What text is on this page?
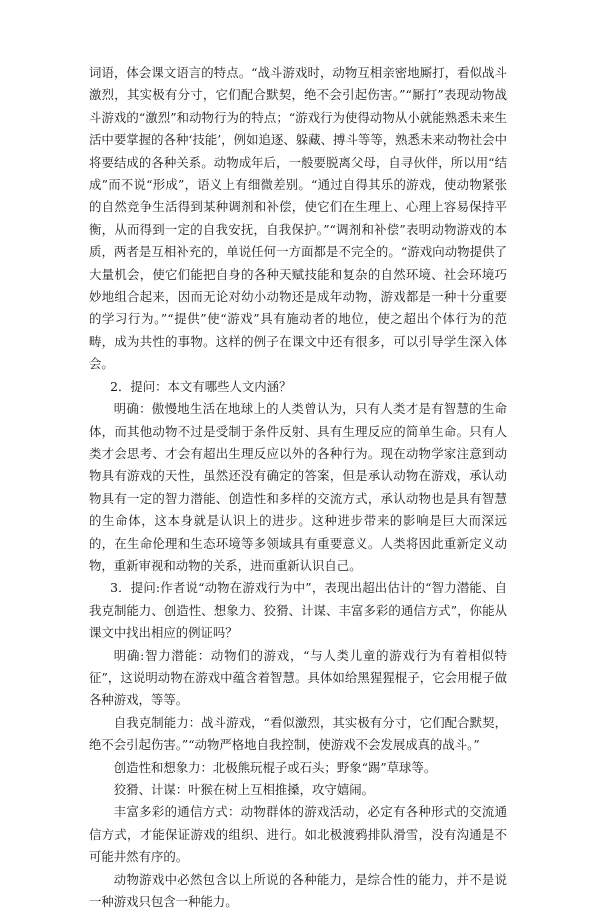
词语，体会课文语言的特点。“战斗游戏时，动物互相亲密地厮打，看似战斗激烈，其实极有分寸，它们配合默契，绝不会引起伤害。”“厮打”表现动物战斗游戏的“激烈”和动物行为的特点；“游戏行为使得动物从小就能熟悉未来生活中要掌握的各种‘技能’，例如追逐、躲藏、搏斗等等，熟悉未来动物社会中将要结成的各种关系。动物成年后，一般要脱离父母，自寻伙伴，所以用“结成”而不说“形成”，语义上有细微差别。“通过自得其乐的游戏，使动物紧张的自然竞争生活得到某种调剂和补偿，使它们在生理上、心理上容易保持平衡，从而得到一定的自我安抚，自我保护。”“调剂和补偿”表明动物游戏的本质，两者是互相补充的，单说任何一方面都是不完全的。“游戏向动物提供了大量机会，使它们能把自身的各种天赋技能和复杂的自然环境、社会环境巧妙地组合起来，因而无论对幼小动物还是成年动物，游戏都是一种十分重要的学习行为。”“提供”使“游戏”具有施动者的地位，使之超出个体行为的范畴，成为共性的事物。这样的例子在课文中还有很多，可以引导学生深入体会。

2．提问：本文有哪些人文内涵？

明确：傲慢地生活在地球上的人类曾认为，只有人类才是有智慧的生命体，而其他动物不过是受制于条件反射、具有生理反应的简单生命。只有人类才会思考、才会有超出生理反应以外的各种行为。现在动物学家注意到动物具有游戏的天性，虽然还没有确定的答案，但是承认动物在游戏，承认动物具有一定的智力潜能、创造性和多样的交流方式，承认动物也是具有智慧的生命体，这本身就是认识上的进步。这种进步带来的影响是巨大而深远的，在生命伦理和生态环境等多领域具有重要意义。人类将因此重新定义动物，重新审视和动物的关系，进而重新认识自己。

3．提问:作者说“动物在游戏行为中”，表现出超出估计的“智力潜能、自我克制能力、创造性、想象力、狡猾、计谋、丰富多彩的通信方式”，你能从课文中找出相应的例证吗？

明确:智力潜能：动物们的游戏，“与人类儿童的游戏行为有着相似特征”，这说明动物在游戏中蕴含着智慧。具体如给黑猩猩棍子，它会用棍子做各种游戏，等等。

自我克制能力：战斗游戏，“看似激烈，其实极有分寸，它们配合默契，绝不会引起伤害。”“动物严格地自我控制，使游戏不会发展成真的战斗。”

创造性和想象力：北极熊玩棍子或石头；野象“踢”草球等。

狡猾、计谋：叶猴在树上互相推搡，攻守嬉闹。

丰富多彩的通信方式：动物群体的游戏活动，必定有各种形式的交流通信方式，才能保证游戏的组织、进行。如北极渡鸦排队滑雪，没有沟通是不可能井然有序的。

动物游戏中必然包含以上所说的各种能力，是综合性的能力，并不是说一种游戏只包含一种能力。
